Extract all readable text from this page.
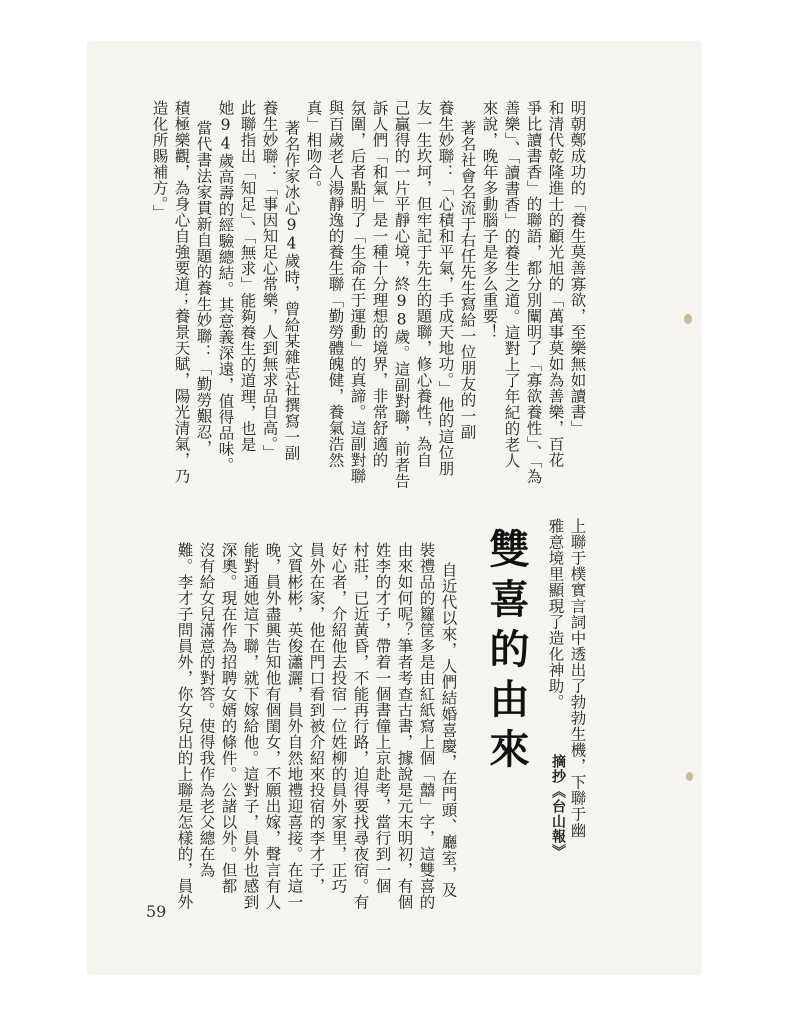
明朝鄭成功的「養生莫善寡欲，至樂無如讀書」
和清代乾隆進士的顧光旭的「萬事莫如為善樂，百花
爭比讀書香」的聯語，都分別闡明了「寡欲養性」、「為
善樂」、「讀書香」的養生之道。這對上了年紀的老人
來說，晚年多動腦子是多么重要！
著名社會名流于右任先生寫給一位朋友的一副
養生妙聯：「心積和平氣，手成天地功。」他的這位朋
友一生坎坷，但牢記于先生的題聯，修心養性，為自
己贏得的一片平靜心境，終98歲。這副對聯，前者告
訴人們「和氣」是一種十分理想的境界，非常舒適的
氛圍，后者點明了「生命在于運動」的真諦。這副對聯
與百歲老人湯靜逸的養生聯「勤勞體魄健，養氣浩然
真」相吻合。
著名作家冰心94歲時，曾給某雜志社撰寫一副
養生妙聯：「事因知足心常樂，人到無求品自高。」
此聯指出「知足」、「無求」能夠養生的道理，也是
她94歲高壽的經驗總結。其意義深遠，值得品味。
當代書法家貫新自題的養生妙聯：「勤勞艱忍，
積極樂觀，為身心自強要道；養景天賦，陽光清氣，乃
造化所賜補方。」
上聯于樸實言詞中透出了勃勃生機，下聯于幽
雅意境里顯現了造化神助。
摘抄《台山報》
雙喜的由來
自近代以來，人們結婚喜慶，在門頭、廳室，及
裝禮品的籮筐多是由紅紙寫上個「囍」字，這雙喜的
由來如何呢？筆者考查古書，據說是元末明初，有個
姓李的才子，帶着一個書僮上京赴考，當行到一個
村莊，已近黃昏，不能再行路，迫得要找尋夜宿。有
好心者，介紹他去投宿一位姓柳的員外家里，正巧
員外在家，他在門口看到被介紹來投宿的李才子，
文質彬彬，英俊瀟灑，員外自然地禮迎喜接。在這一
晚，員外盡興告知他有個閨女，不願出嫁，聲言有人
能對通她這下聯，就下嫁給他。這對子，員外也感到
深奧。現在作為招聘女婿的條件。公諸以外。但都
沒有給女兒滿意的對答。使得我作為老父總在為
難。李才子問員外，你女兒出的上聯是怎樣的，員外
59
